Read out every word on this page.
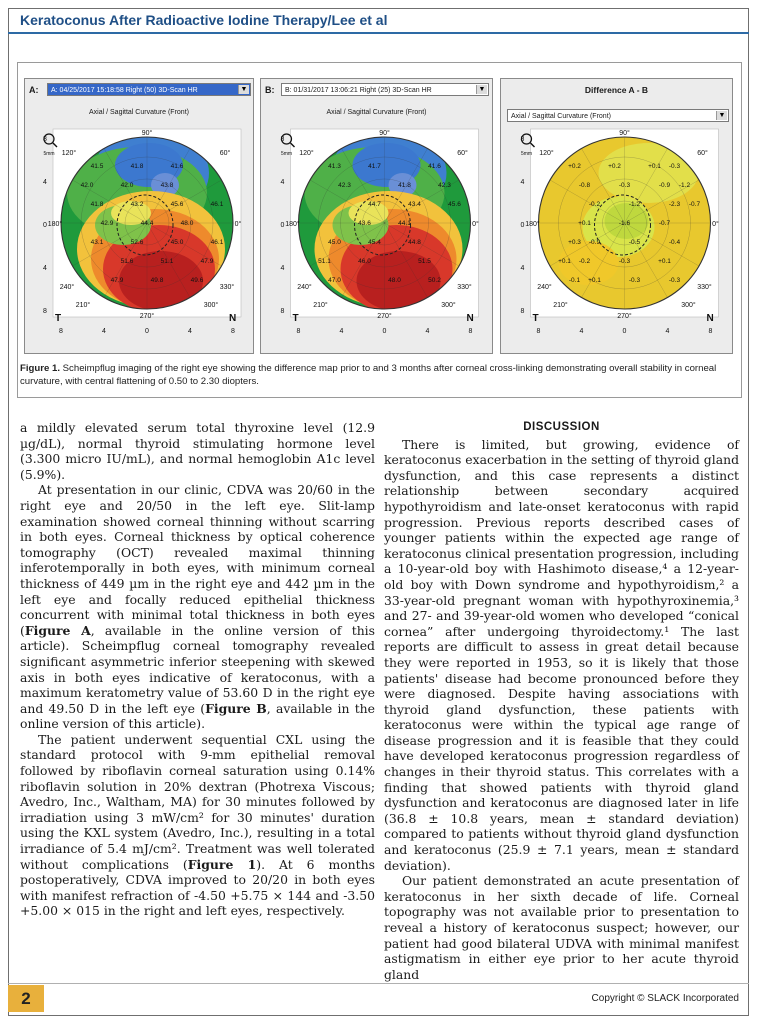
Keratoconus After Radioactive Iodine Therapy/Lee et al
A:	A: 04/25/2017 15:18:58 Right (50) 3D-Scan HR	▼
Axial / Sagittal Curvature (Front)
90°
270°
180°	0°
120°	60°
240°	330°
210°	300°
8
4
0
4
8
8	4	0	4	8
T	N
5mm
41.5	41.8	41.6
42.0	42.0	43.8
41.8	43.2	45.6	46.1
42.9	44.4	48.0
43.1	52.6	45.0	46.1
51.6	51.1	47.9
47.9	49.8	49.6
B:	B: 01/31/2017 13:06:21 Right (25) 3D-Scan HR	▼
Axial / Sagittal Curvature (Front)
90°
270°
180°	0°
120°	60°
240°	330°
210°	300°
8
4
0
4
8
8	4	0	4	8
T	N
5mm
41.3	41.7	41.6
42.3	41.8	42.3
44.7	43.4	45.6
43.6	44.1
45.0	45.4	44.8
51.1	46.0	51.5
47.0	48.0	50.2
Difference A - B
Axial / Sagittal Curvature (Front)	▼
90°
270°
180°	0°
120°	60°
240°	330°
210°	300°
8
4
0
4
8
8	4	0	4	8
T	N
5mm
+0.2	+0.2	+0.1 -0.3
-0.8	-0.3	-0.9 -1.2
-0.2	-1.2	-2.3 -0.7
+0.1	-1.6	-0.7
+0.3 -0.9	-0.5	-0.4
+0.1 -0.2	-0.3	+0.1
-0.1 +0.1	-0.3	-0.3
Figure 1. Scheimpflug imaging of the right eye showing the difference map prior to and 3 months after corneal cross-linking demonstrating overall stability in corneal curvature, with central flattening of 0.50 to 2.30 diopters.

a mildly elevated serum total thyroxine level (12.9 µg/dL), normal thyroid stimulating hormone level (3.300 micro IU/mL), and normal hemoglobin A1c level (5.9%).

At presentation in our clinic, CDVA was 20/60 in the right eye and 20/50 in the left eye. Slit-lamp examination showed corneal thinning without scarring in both eyes. Corneal thickness by optical coherence tomography (OCT) revealed maximal thinning inferotemporally in both eyes, with minimum corneal thickness of 449 µm in the right eye and 442 µm in the left eye and focally reduced epithelial thickness concurrent with minimal total thickness in both eyes (Figure A, available in the online version of this article). Scheimpflug corneal tomography revealed significant asymmetric inferior steepening with skewed axis in both eyes indicative of keratoconus, with a maximum keratometry value of 53.60 D in the right eye and 49.50 D in the left eye (Figure B, available in the online version of this article).

The patient underwent sequential CXL using the standard protocol with 9-mm epithelial removal followed by riboflavin corneal saturation using 0.14% riboflavin solution in 20% dextran (Photrexa Viscous; Avedro, Inc., Waltham, MA) for 30 minutes followed by irradiation using 3 mW/cm² for 30 minutes' duration using the KXL system (Avedro, Inc.), resulting in a total irradiance of 5.4 mJ/cm². Treatment was well tolerated without complications (Figure 1). At 6 months postoperatively, CDVA improved to 20/20 in both eyes with manifest refraction of -4.50 +5.75 × 144 and -3.50 +5.00 × 015 in the right and left eyes, respectively.

DISCUSSION

There is limited, but growing, evidence of keratoconus exacerbation in the setting of thyroid gland dysfunction, and this case represents a distinct relationship between secondary acquired hypothyroidism and late-onset keratoconus with rapid progression. Previous reports described cases of younger patients within the expected age range of keratoconus clinical presentation progression, including a 10-year-old boy with Hashimoto disease,⁴ a 12-year-old boy with Down syndrome and hypothyroidism,² a 33-year-old pregnant woman with hypothyroxinemia,³ and 27- and 39-year-old women who developed “conical cornea” after undergoing thyroidectomy.¹ The last reports are difficult to assess in great detail because they were reported in 1953, so it is likely that those patients' disease had become pronounced before they were diagnosed. Despite having associations with thyroid gland dysfunction, these patients with keratoconus were within the typical age range of disease progression and it is feasible that they could have developed keratoconus progression regardless of changes in their thyroid status. This correlates with a finding that showed patients with thyroid gland dysfunction and keratoconus are diagnosed later in life (36.8 ± 10.8 years, mean ± standard deviation) compared to patients without thyroid gland dysfunction and keratoconus (25.9 ± 7.1 years, mean ± standard deviation).

Our patient demonstrated an acute presentation of keratoconus in her sixth decade of life. Corneal topography was not available prior to presentation to reveal a history of keratoconus suspect; however, our patient had good bilateral UDVA with minimal manifest astigmatism in either eye prior to her acute thyroid gland

2	Copyright © SLACK Incorporated
